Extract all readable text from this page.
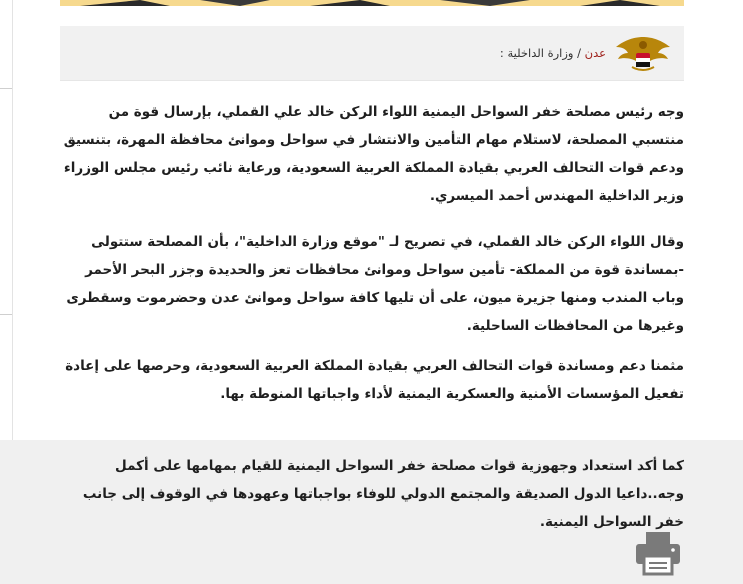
عدن / وزارة الداخلية :
وجه رئيس مصلحة خفر السواحل اليمنية اللواء الركن خالد علي القملي، بإرسال قوة من منتسبي المصلحة، لاستلام مهام التأمين والانتشار في سواحل وموانئ محافظة المهرة، بتنسيق ودعم قوات التحالف العربي بقيادة المملكة العربية السعودية، ورعاية نائب رئيس مجلس الوزراء وزير الداخلية المهندس أحمد الميسري.
وقال اللواء الركن خالد القملي، في تصريح لـ "موقع وزارة الداخلية"، بأن المصلحة ستتولى -بمساندة قوة من المملكة- تأمين سواحل وموانئ محافظات تعز والحديدة وجزر البحر الأحمر وباب المندب ومنها جزيرة ميون، على أن تليها كافة سواحل وموانئ عدن وحضرموت وسقطرى وغيرها من المحافظات الساحلية.
مثمنا دعم ومساندة قوات التحالف العربي بقيادة المملكة العربية السعودية، وحرصها على إعادة تفعيل المؤسسات الأمنية والعسكرية اليمنية لأداء واجباتها المنوطة بها.
كما أكد استعداد وجهوزية قوات مصلحة خفر السواحل اليمنية للقيام بمهامها على أكمل وجه..داعيا الدول الصديقة والمجتمع الدولي للوفاء بواجباتها وعهودها في الوقوف إلى جانب خفر السواحل اليمنية.
